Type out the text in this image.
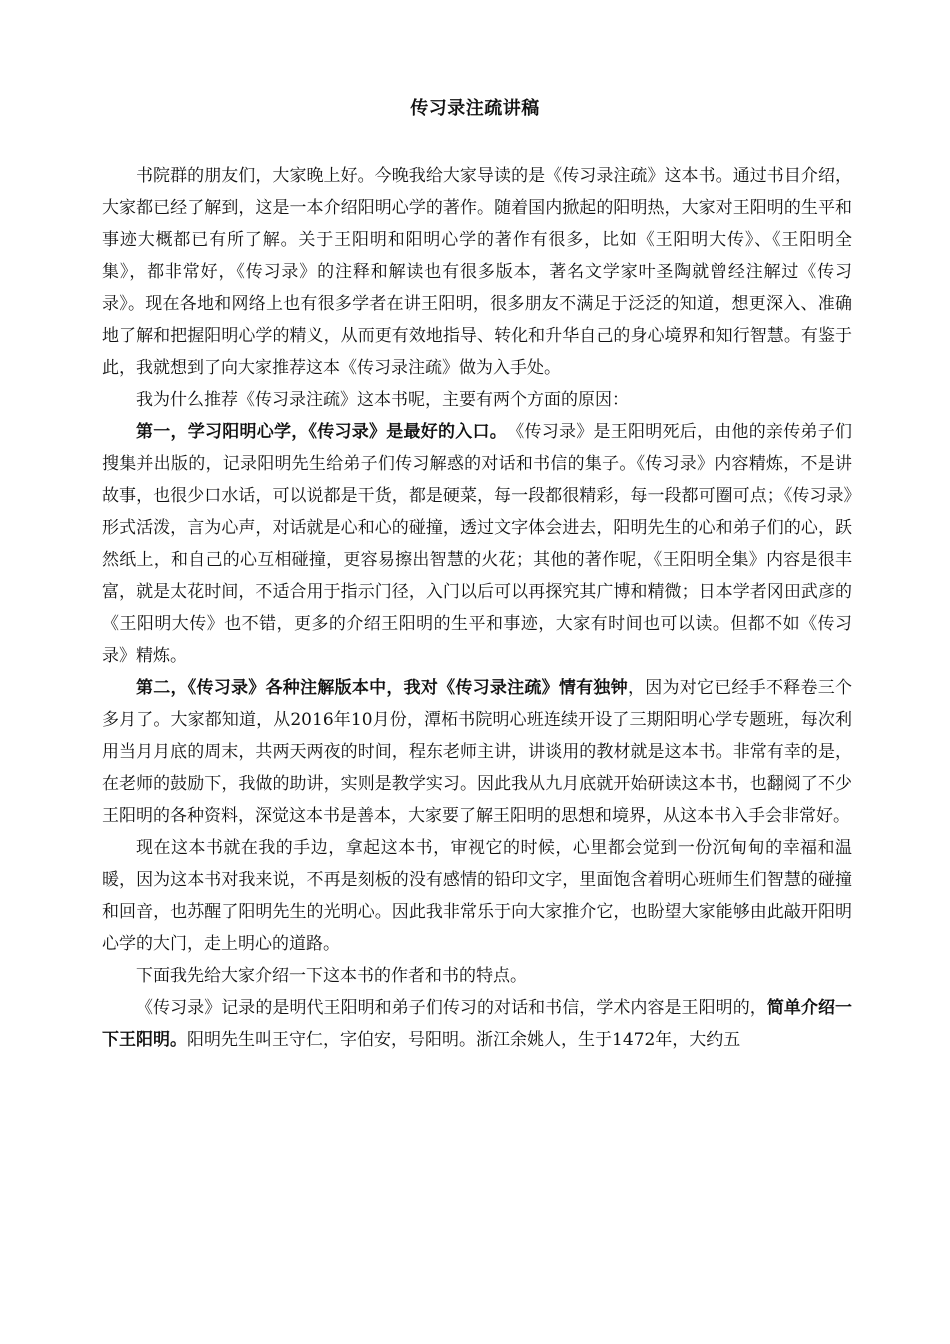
传习录注疏讲稿

书院群的朋友们，大家晚上好。今晚我给大家导读的是《传习录注疏》这本书。通过书目介绍，大家都已经了解到，这是一本介绍阳明心学的著作。随着国内掀起的阳明热，大家对王阳明的生平和事迹大概都已有所了解。关于王阳明和阳明心学的著作有很多，比如《王阳明大传》、《王阳明全集》，都非常好，《传习录》的注释和解读也有很多版本，著名文学家叶圣陶就曾经注解过《传习录》。现在各地和网络上也有很多学者在讲王阳明，很多朋友不满足于泛泛的知道，想更深入、准确地了解和把握阳明心学的精义，从而更有效地指导、转化和升华自己的身心境界和知行智慧。有鉴于此，我就想到了向大家推荐这本《传习录注疏》做为入手处。

我为什么推荐《传习录注疏》这本书呢，主要有两个方面的原因：

第一，学习阳明心学，《传习录》是最好的入口。　《传习录》是王阳明死后，由他的亲传弟子们搜集并出版的，记录阳明先生给弟子们传习解惑的对话和书信的集子。《传习录》内容精炼，不是讲故事，也很少口水话，可以说都是干货，都是硬菜，每一段都很精彩，每一段都可圈可点；《传习录》形式活泼，言为心声，对话就是心和心的碰撞，透过文字体会进去，阳明先生的心和弟子们的心，跃然纸上，和自己的心互相碰撞，更容易擦出智慧的火花；其他的著作呢，《王阳明全集》内容是很丰富，就是太花时间，不适合用于指示门径，入门以后可以再探究其广博和精微；日本学者冈田武彦的《王阳明大传》也不错，更多的介绍王阳明的生平和事迹，大家有时间也可以读。但都不如《传习录》精炼。

第二，《传习录》各种注解版本中，我对《传习录注疏》情有独钟，因为对它已经手不释卷三个多月了。大家都知道，从2016年10月份，潭柘书院明心班连续开设了三期阳明心学专题班，每次利用当月月底的周末，共两天两夜的时间，程东老师主讲，讲谈用的教材就是这本书。非常有幸的是，在老师的鼓励下，我做的助讲，实则是教学实习。因此我从九月底就开始研读这本书，也翻阅了不少王阳明的各种资料，深觉这本书是善本，大家要了解王阳明的思想和境界，从这本书入手会非常好。

现在这本书就在我的手边，拿起这本书，审视它的时候，心里都会觉到一份沉甸甸的幸福和温暖，因为这本书对我来说，不再是刻板的没有感情的铅印文字，里面饱含着明心班师生们智慧的碰撞和回音，也苏醒了阳明先生的光明心。因此我非常乐于向大家推介它，也盼望大家能够由此敲开阳明心学的大门，走上明心的道路。

下面我先给大家介绍一下这本书的作者和书的特点。

《传习录》记录的是明代王阳明和弟子们传习的对话和书信，学术内容是王阳明的，简单介绍一下王阳明。阳明先生叫王守仁，字伯安，号阳明。浙江余姚人，生于1472年，大约五
